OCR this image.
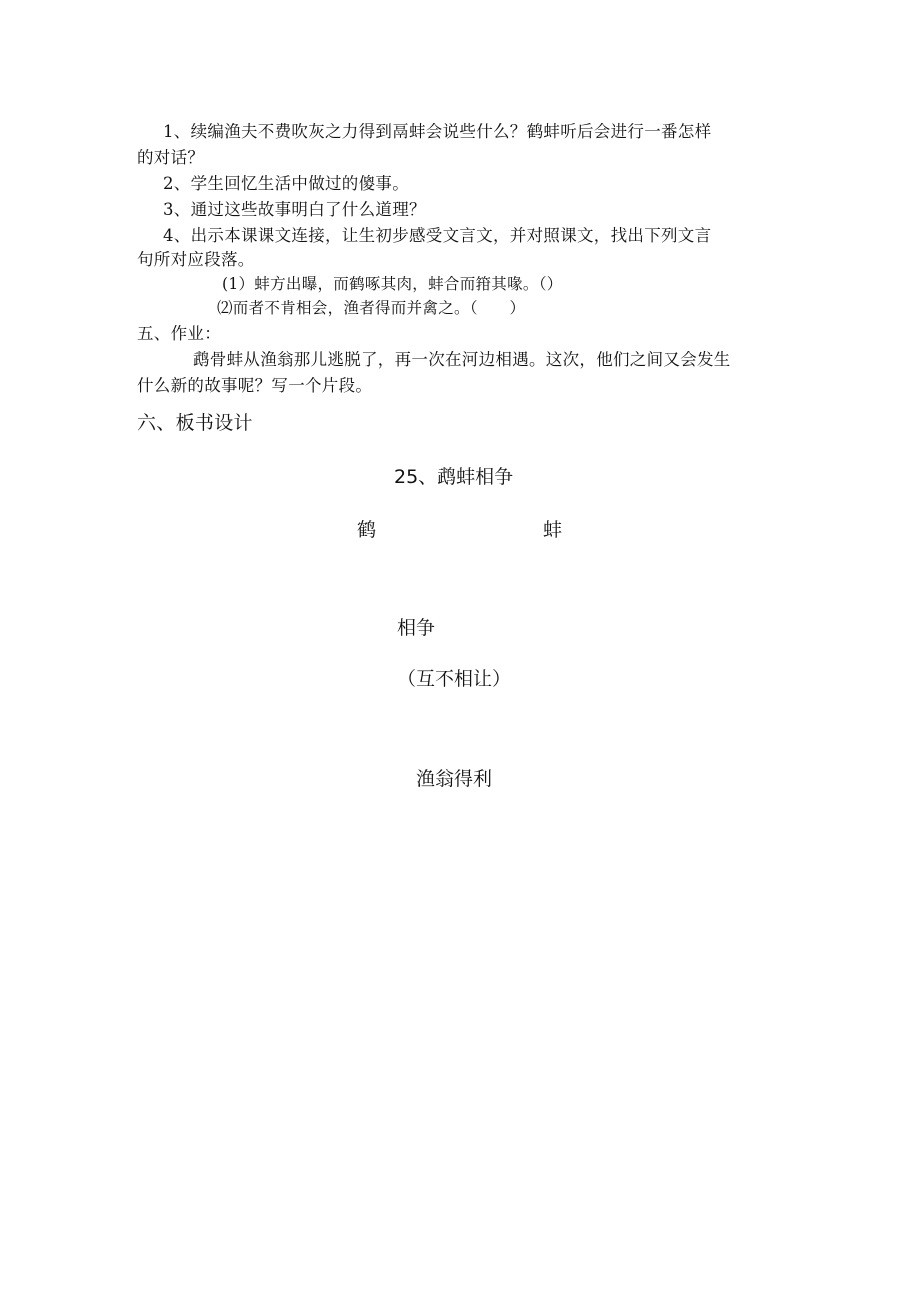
1、续编渔夫不费吹灰之力得到鬲蚌会说些什么？鹤蚌听后会进行一番怎样
的对话？
2、学生回忆生活中做过的傻事。
3、通过这些故事明白了什么道理？
4、出示本课课文连接，让生初步感受文言文，并对照课文，找出下列文言
句所对应段落。
(1）蚌方出曝，而鹤啄其肉，蚌合而箝其喙。（）
⑵而者不肯相会，渔者得而并禽之。（　　）
五、作业：
鹉骨蚌从渔翁那儿逃脱了，再一次在河边相遇。这次，他们之间又会发生
什么新的故事呢？写一个片段。
六、板书设计
25、鹉蚌相争
鹤	蚌
相争
（互不相让）
渔翁得利
